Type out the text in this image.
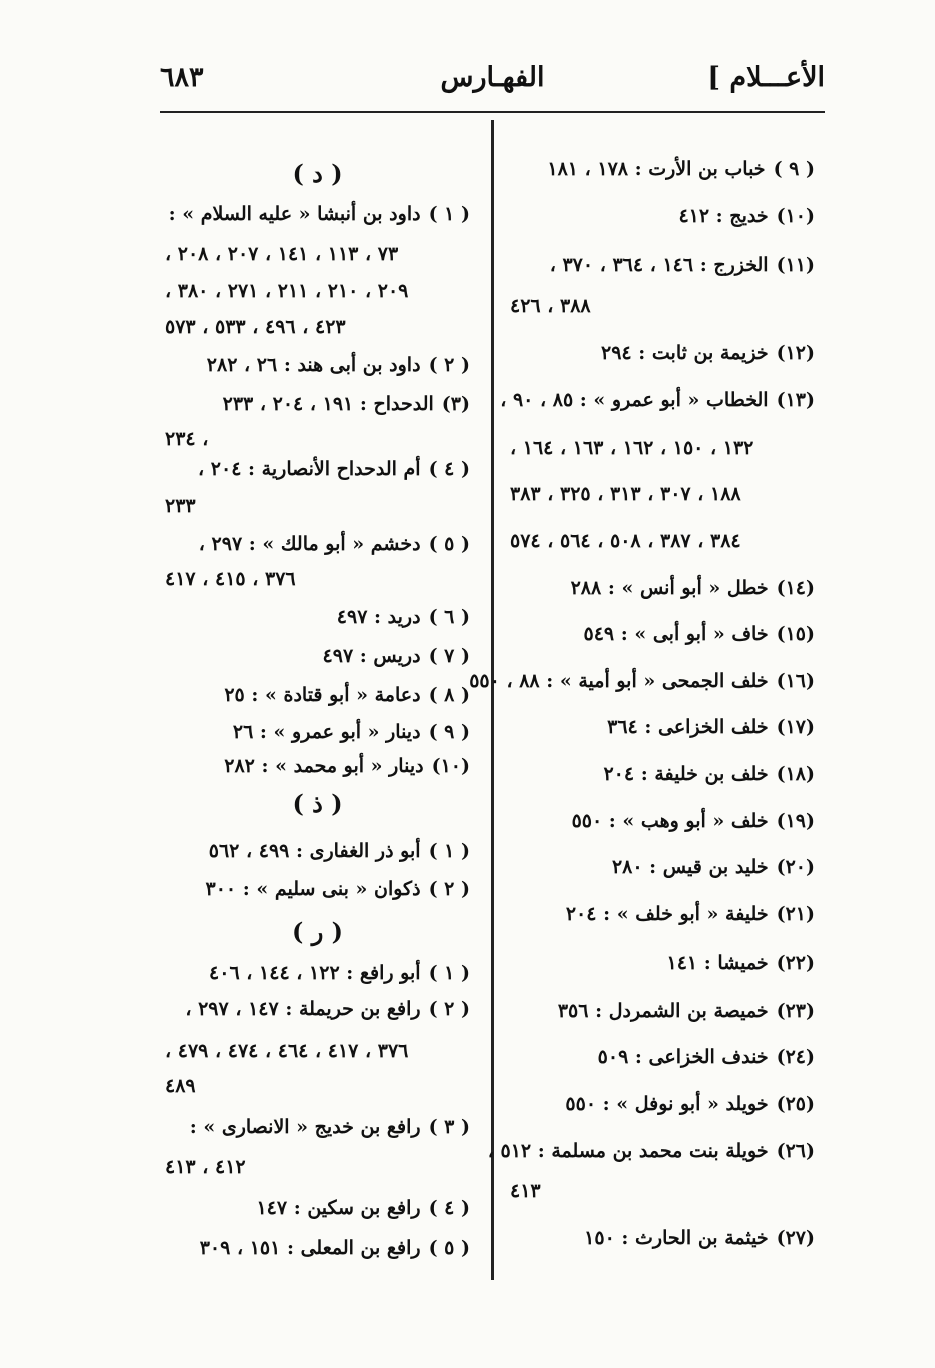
الأعـــلام ]
الفهـارس
٦٨٣
( ٩ )خباب بن الأرت : ١٧٨ ، ١٨١
(١٠)خديج : ٤١٢
(١١)الخزرج : ١٤٦ ، ٣٦٤ ، ٣٧٠ ،
٣٨٨ ، ٤٢٦
(١٢)خزيمة بن ثابت : ٢٩٤
(١٣)الخطاب « أبو عمرو » : ٨٥ ، ٩٠ ،
١٣٢ ، ١٥٠ ، ١٦٢ ، ١٦٣ ، ١٦٤ ،
١٨٨ ، ٣٠٧ ، ٣١٣ ، ٣٢٥ ، ٣٨٣
٣٨٤ ، ٣٨٧ ، ٥٠٨ ، ٥٦٤ ، ٥٧٤
(١٤)خطل « أبو أنس » : ٢٨٨
(١٥)خاف « أبو أبى » : ٥٤٩
(١٦)خلف الجمحى « أبو أمية » : ٨٨ ، ٥٥٠
(١٧)خلف الخزاعى : ٣٦٤
(١٨)خلف بن خليفة : ٢٠٤
(١٩)خلف « أبو وهب » : ٥٥٠
(٢٠)خليد بن قيس : ٢٨٠
(٢١)خليفة « أبو خلف » : ٢٠٤
(٢٢)خميشا : ١٤١
(٢٣)خميصة بن الشمردل : ٣٥٦
(٢٤)خندف الخزاعى : ٥٠٩
(٢٥)خويلد « أبو نوفل » : ٥٥٠
(٢٦)خويلة بنت محمد بن مسلمة : ٥١٢ ،
٤١٣
(٢٧)خيثمة بن الحارث : ١٥٠
( د )
( ١ )داود بن أنبشا « عليه السلام » :
٧٣ ، ١١٣ ، ١٤١ ، ٢٠٧ ، ٢٠٨ ،
٢٠٩ ، ٢١٠ ، ٢١١ ، ٢٧١ ، ٣٨٠ ،
٤٢٣ ، ٤٩٦ ، ٥٣٣ ، ٥٧٣
( ٢ )داود بن أبى هند : ٢٦ ، ٢٨٢
(٣)الدحداح : ١٩١ ، ٢٠٤ ، ٢٣٣
، ٢٣٤
( ٤ )أم الدحداح الأنصارية : ٢٠٤ ،
٢٣٣
( ٥ )دخشم « أبو مالك » : ٢٩٧ ،
٣٧٦ ، ٤١٥ ، ٤١٧
( ٦ )دريد : ٤٩٧
( ٧ )دريس : ٤٩٧
( ٨ )دعامة « أبو قتادة » : ٢٥
( ٩ )دينار « أبو عمرو » : ٢٦
(١٠)دينار « أبو محمد » : ٢٨٢
( ذ )
( ١ )أبو ذر الغفارى : ٤٩٩ ، ٥٦٢
( ٢ )ذكوان « بنى سليم » : ٣٠٠
( ر )
( ١ )أبو رافع : ١٢٢ ، ١٤٤ ، ٤٠٦
( ٢ )رافع بن حريملة : ١٤٧ ، ٢٩٧ ،
٣٧٦ ، ٤١٧ ، ٤٦٤ ، ٤٧٤ ، ٤٧٩ ،
٤٨٩
( ٣ )رافع بن خديج « الانصارى » :
٤١٢ ، ٤١٣
( ٤ )رافع بن سكين : ١٤٧
( ٥ )رافع بن المعلى : ١٥١ ، ٣٠٩
